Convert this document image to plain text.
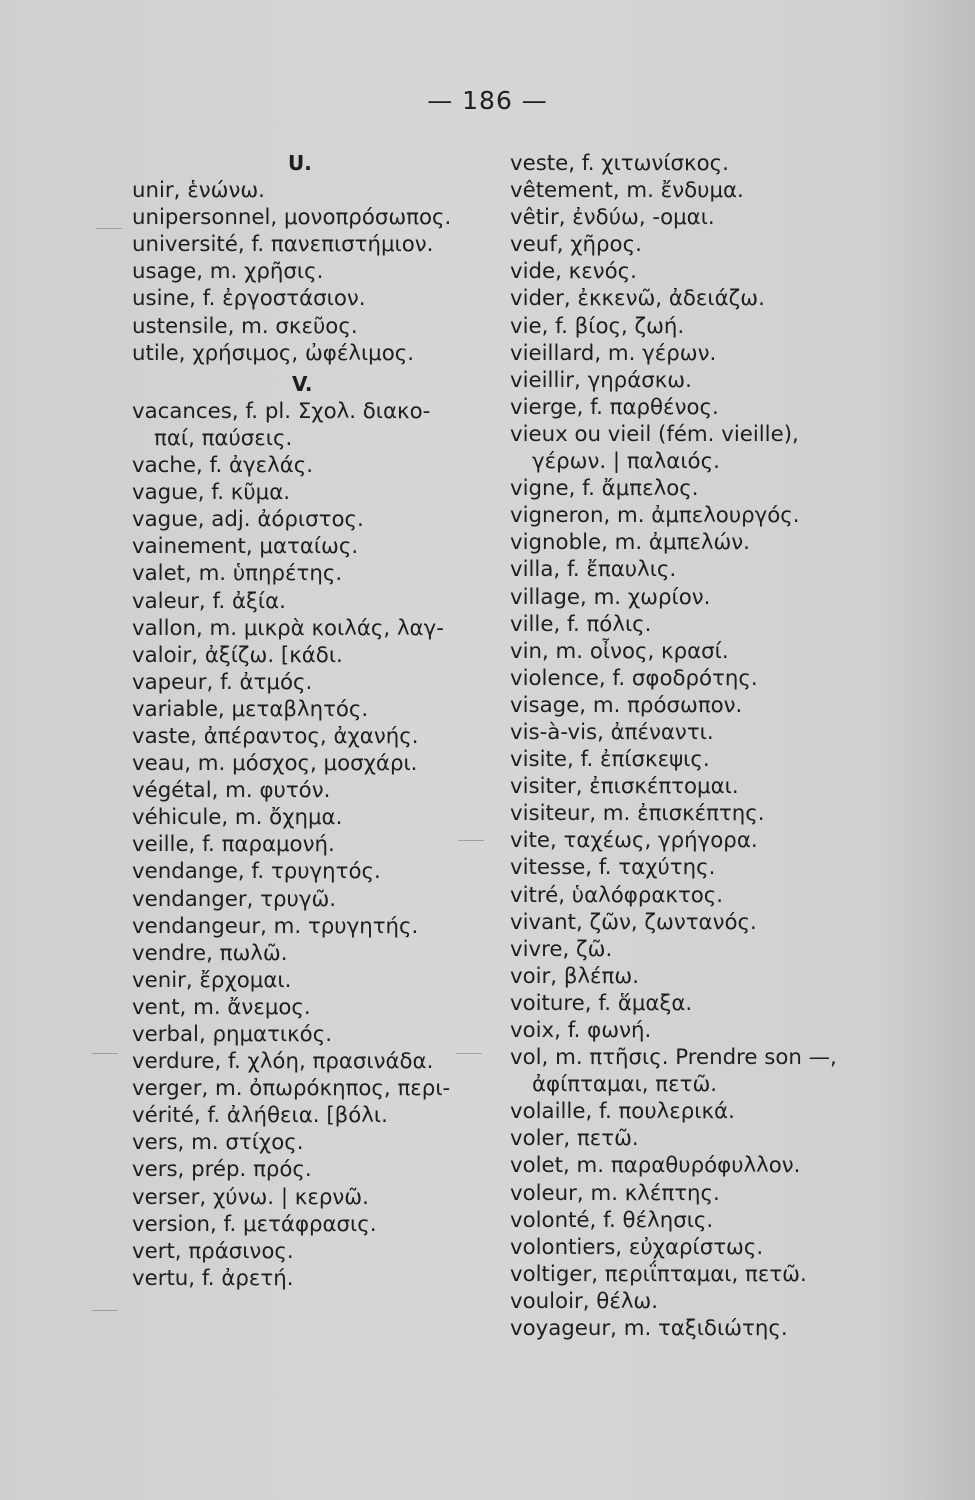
— 186 —
U.
unir, ἑνώνω.
unipersonnel, μονοπρόσωπος.
université, f. πανεπιστήμιον.
usage, m. χρῆσις.
usine, f. ἐργοστάσιον.
ustensile, m. σκεῦος.
utile, χρήσιμος, ὠφέλιμος.
V.
vacances, f. pl. Σχολ. διακο-
παί, παύσεις.
vache, f. ἀγελάς.
vague, f. κῦμα.
vague, adj. ἀόριστος.
vainement, ματαίως.
valet, m. ὑπηρέτης.
valeur, f. ἀξία.
vallon, m. μικρὰ κοιλάς, λαγ-
valoir, ἀξίζω. [κάδι.
vapeur, f. ἀτμός.
variable, μεταβλητός.
vaste, ἀπέραντος, ἀχανής.
veau, m. μόσχος, μοσχάρι.
végétal, m. φυτόν.
véhicule, m. ὄχημα.
veille, f. παραμονή.
vendange, f. τρυγητός.
vendanger, τρυγῶ.
vendangeur, m. τρυγητής.
vendre, πωλῶ.
venir, ἔρχομαι.
vent, m. ἄνεμος.
verbal, ρηματικός.
verdure, f. χλόη, πρασινάδα.
verger, m. ὀπωρόκηπος, περι-
vérité, f. ἀλήθεια. [βόλι.
vers, m. στίχος.
vers, prép. πρός.
verser, χύνω. | κερνῶ.
version, f. μετάφρασις.
vert, πράσινος.
vertu, f. ἀρετή.
veste, f. χιτωνίσκος.
vêtement, m. ἔνδυμα.
vêtir, ἐνδύω, -ομαι.
veuf, χῆρος.
vide, κενός.
vider, ἐκκενῶ, ἀδειάζω.
vie, f. βίος, ζωή.
vieillard, m. γέρων.
vieillir, γηράσκω.
vierge, f. παρθένος.
vieux ou vieil (fém. vieille),
γέρων. | παλαιός.
vigne, f. ἄμπελος.
vigneron, m. ἀμπελουργός.
vignoble, m. ἀμπελών.
villa, f. ἔπαυλις.
village, m. χωρίον.
ville, f. πόλις.
vin, m. οἶνος, κρασί.
violence, f. σφοδρότης.
visage, m. πρόσωπον.
vis-à-vis, ἀπέναντι.
visite, f. ἐπίσκεψις.
visiter, ἐπισκέπτομαι.
visiteur, m. ἐπισκέπτης.
vite, ταχέως, γρήγορα.
vitesse, f. ταχύτης.
vitré, ὑαλόφρακτος.
vivant, ζῶν, ζωντανός.
vivre, ζῶ.
voir, βλέπω.
voiture, f. ἅμαξα.
voix, f. φωνή.
vol, m. πτῆσις. Prendre son —,
ἀφίπταμαι, πετῶ.
volaille, f. πουλερικά.
voler, πετῶ.
volet, m. παραθυρόφυλλον.
voleur, m. κλέπτης.
volonté, f. θέλησις.
volontiers, εὐχαρίστως.
voltiger, περιΐπταμαι, πετῶ.
vouloir, θέλω.
voyageur, m. ταξιδιώτης.
